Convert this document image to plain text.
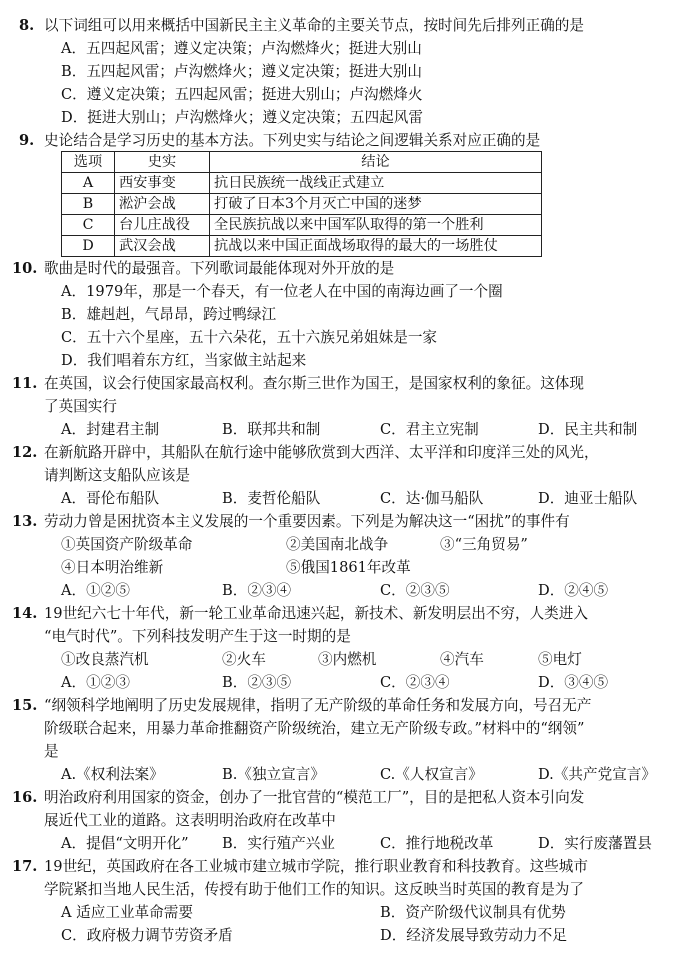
8. 以下词组可以用来概括中国新民主主义革命的主要关节点，按时间先后排列正确的是
A．五四起风雷；遵义定决策；卢沟燃烽火；挺进大别山
B．五四起风雷；卢沟燃烽火；遵义定决策；挺进大别山
C．遵义定决策；五四起风雷；挺进大别山；卢沟燃烽火
D．挺进大别山；卢沟燃烽火；遵义定决策；五四起风雷
9. 史论结合是学习历史的基本方法。下列史实与结论之间逻辑关系对应正确的是
选项	史实	结论
A	西安事变	抗日民族统一战线正式建立
B	淞沪会战	打破了日本3个月灭亡中国的迷梦
C	台儿庄战役	全民族抗战以来中国军队取得的第一个胜利
D	武汉会战	抗战以来中国正面战场取得的最大的一场胜仗
10. 歌曲是时代的最强音。下列歌词最能体现对外开放的是
A．1979年，那是一个春天，有一位老人在中国的南海边画了一个圈
B．雄赳赳，气昂昂，跨过鸭绿江
C．五十六个星座，五十六朵花，五十六族兄弟姐妹是一家
D．我们唱着东方红，当家做主站起来
11. 在英国，议会行使国家最高权利。查尔斯三世作为国王，是国家权利的象征。这体现
了英国实行
A．封建君主制	B．联邦共和制	C．君主立宪制	D．民主共和制
12. 在新航路开辟中，其船队在航行途中能够欣赏到大西洋、太平洋和印度洋三处的风光，
请判断这支船队应该是
A．哥伦布船队	B．麦哲伦船队	C．达·伽马船队	D．迪亚士船队
13. 劳动力曾是困扰资本主义发展的一个重要因素。下列是为解决这一“困扰”的事件有
①英国资产阶级革命	②美国南北战争	③“三角贸易”
④日本明治维新	⑤俄国1861年改革
A．①②⑤	B．②③④	C．②③⑤	D．②④⑤
14. 19世纪六七十年代，新一轮工业革命迅速兴起，新技术、新发明层出不穷，人类进入
“电气时代”。下列科技发明产生于这一时期的是
①改良蒸汽机	②火车	③内燃机	④汽车	⑤电灯
A．①②③	B．②③⑤	C．②③④	D．③④⑤
15. “纲领科学地阐明了历史发展规律，指明了无产阶级的革命任务和发展方向，号召无产
阶级联合起来，用暴力革命推翻资产阶级统治，建立无产阶级专政。”材料中的“纲领”
是
A.《权利法案》	B.《独立宣言》	C.《人权宣言》	D.《共产党宣言》
16. 明治政府利用国家的资金，创办了一批官营的“模范工厂”，目的是把私人资本引向发
展近代工业的道路。这表明明治政府在改革中
A．提倡“文明开化” B．实行殖产兴业	C．推行地税改革	D．实行废藩置县
17. 19世纪，英国政府在各工业城市建立城市学院，推行职业教育和科技教育。这些城市
学院紧扣当地人民生活，传授有助于他们工作的知识。这反映当时英国的教育是为了
A 适应工业革命需要	B．资产阶级代议制具有优势
C．政府极力调节劳资矛盾	D．经济发展导致劳动力不足
